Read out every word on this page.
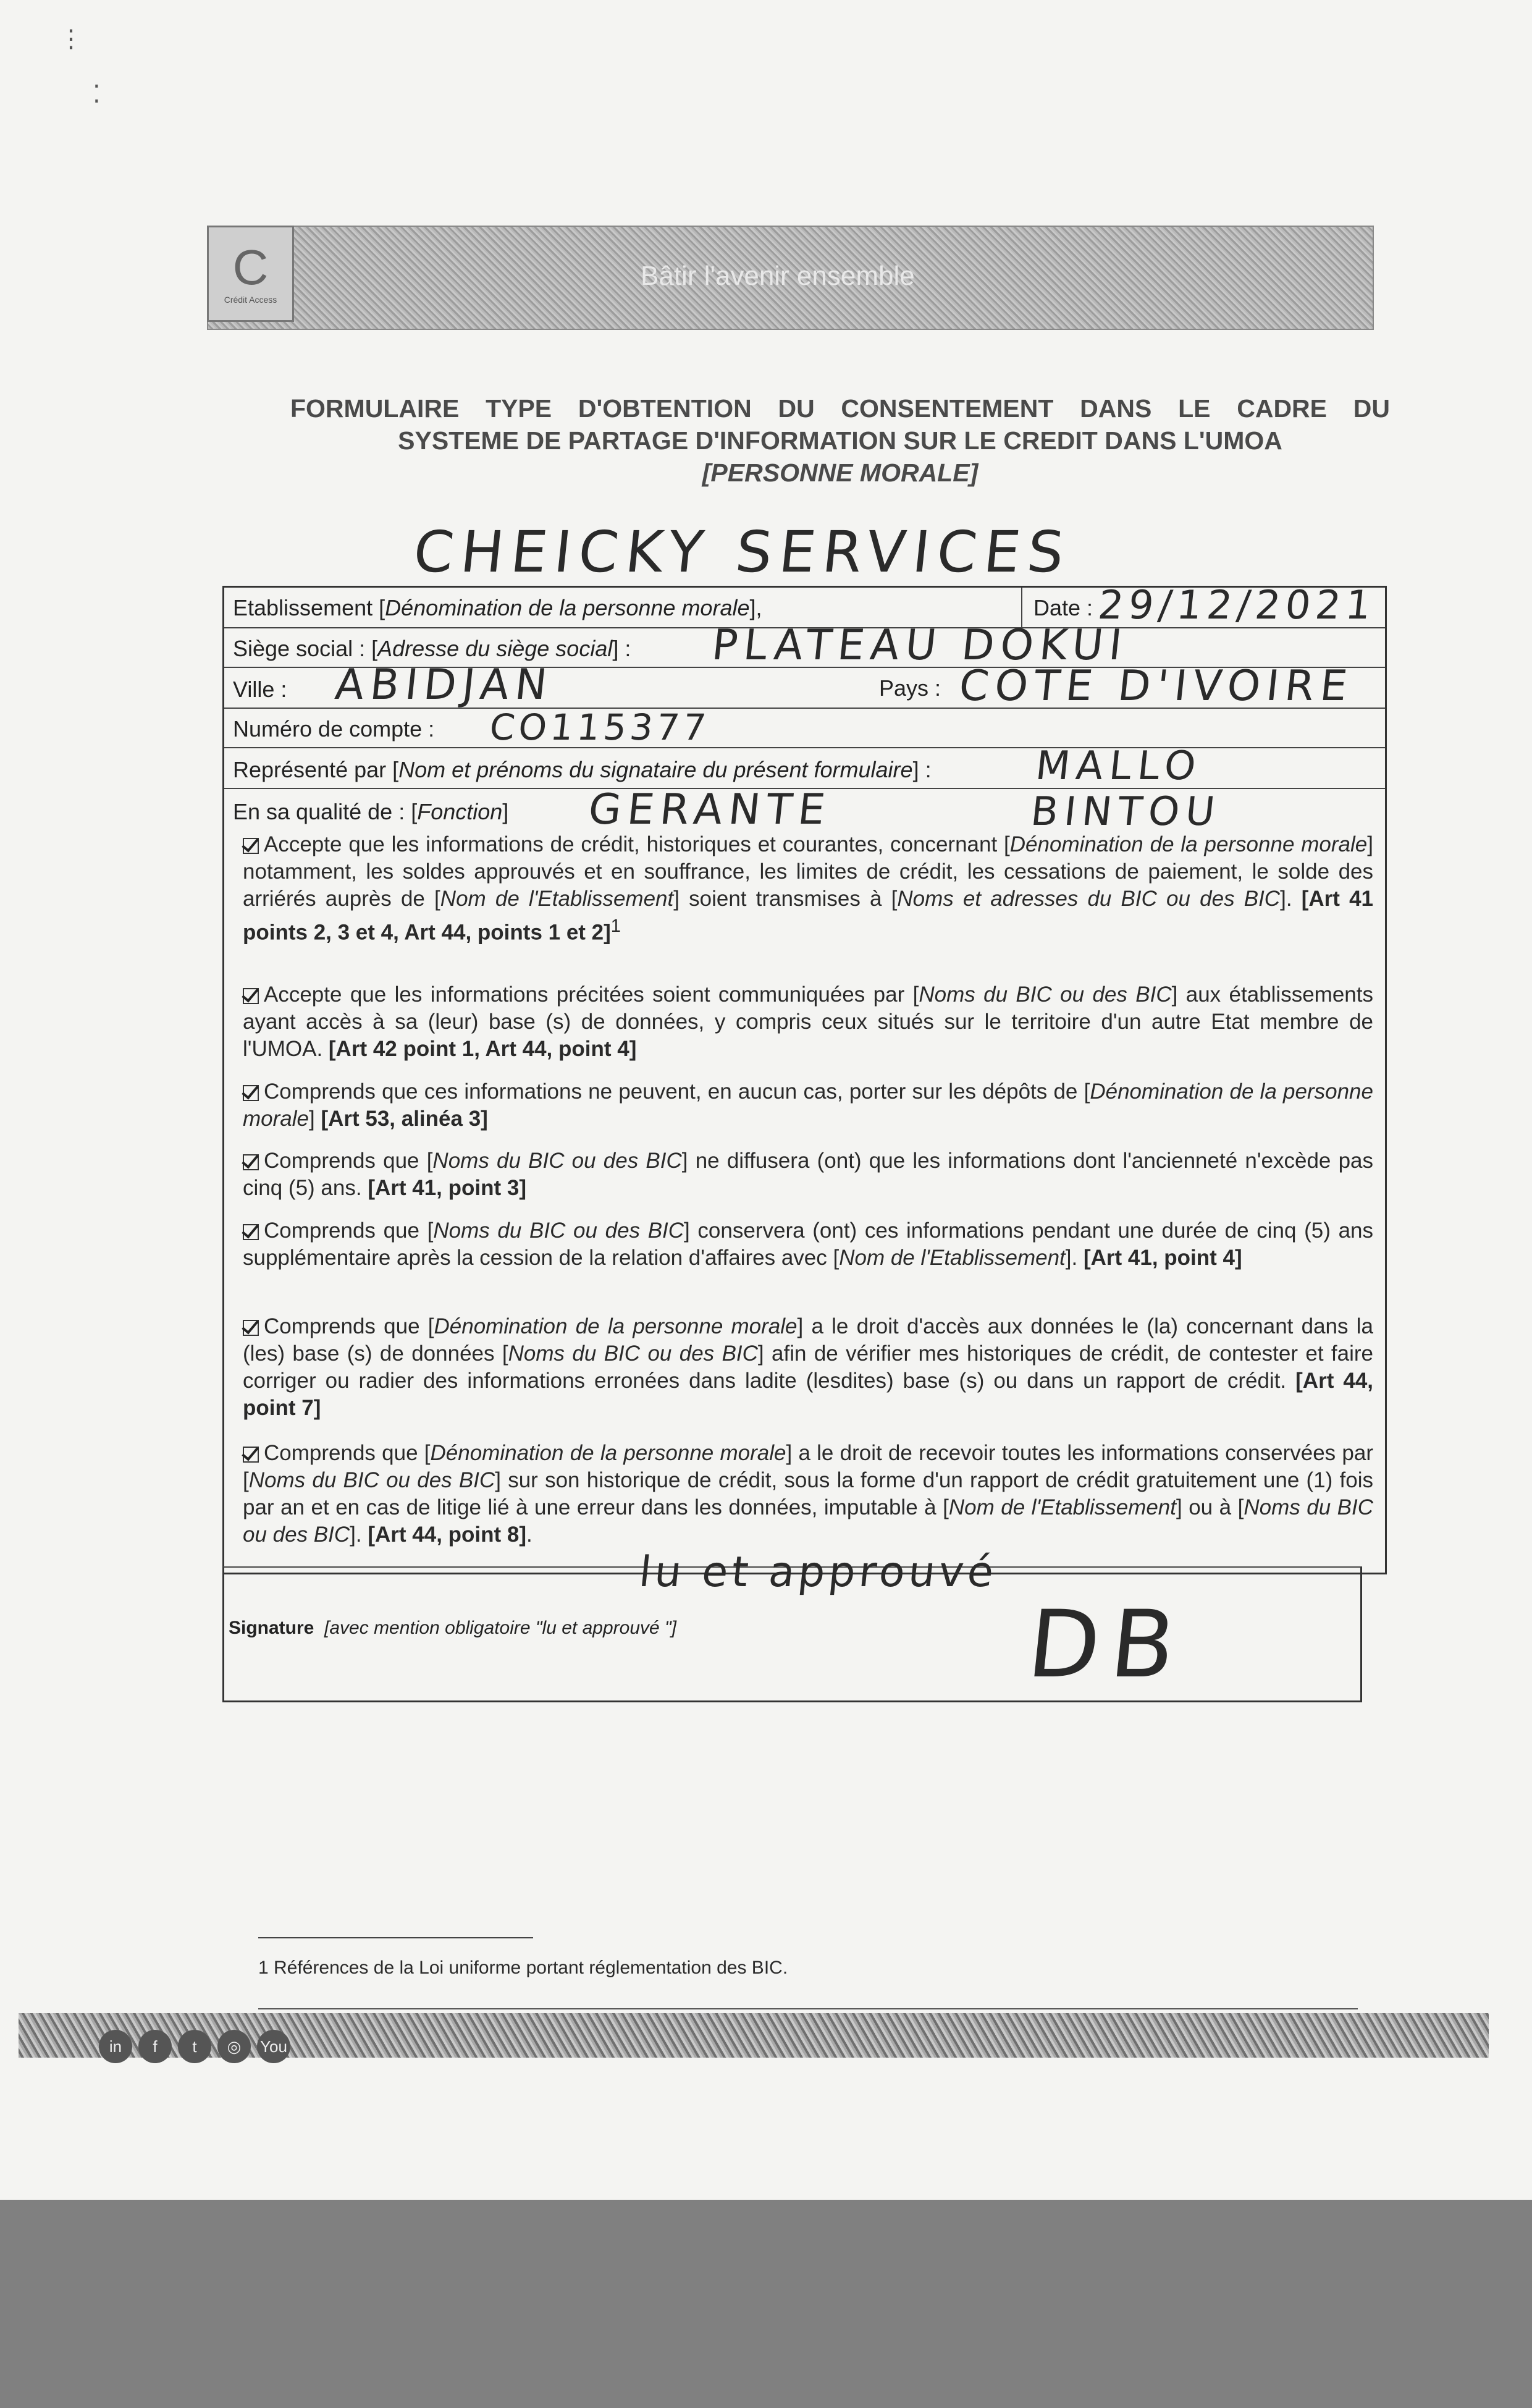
Bâtir l'avenir ensemble
C
Crédit Access
⋮
⁚
FORMULAIRE TYPE D'OBTENTION DU CONSENTEMENT DANS LE CADRE DU
SYSTEME DE PARTAGE D'INFORMATION SUR LE CREDIT DANS L'UMOA
[PERSONNE MORALE]
CHEICKY SERVICES
Etablissement [Dénomination de la personne morale],	Date : 29/12/2021
Siège social : [Adresse du siège social] : PLATEAU DOKUI
Ville : ABIDJAN	Pays : COTE D'IVOIRE
Numéro de compte : CO115377
Représenté par [Nom et prénoms du signataire du présent formulaire] :	MALLO BINTOU
En sa qualité de : [Fonction] GERANTE
Accepte que les informations de crédit, historiques et courantes, concernant [Dénomination de la personne morale] notamment, les soldes approuvés et en souffrance, les limites de crédit, les cessations de paiement, le solde des arriérés auprès de [Nom de l'Etablissement] soient transmises à [Noms et adresses du BIC ou des BIC]. [Art 41 points 2, 3 et 4, Art 44, points 1 et 2]$^1$
Accepte que les informations précitées soient communiquées par [Noms du BIC ou des BIC] aux établissements ayant accès à sa (leur) base (s) de données, y compris ceux situés sur le territoire d'un autre Etat membre de l'UMOA. [Art 42 point 1, Art 44, point 4]
Comprends que ces informations ne peuvent, en aucun cas, porter sur les dépôts de [Dénomination de la personne morale] [Art 53, alinéa 3]
Comprends que [Noms du BIC ou des BIC] ne diffusera (ont) que les informations dont l'ancienneté n'excède pas cinq (5) ans. [Art 41, point 3]
Comprends que [Noms du BIC ou des BIC] conservera (ont) ces informations pendant une durée de cinq (5) ans supplémentaire après la cession de la relation d'affaires avec [Nom de l'Etablissement]. [Art 41, point 4]
Comprends que [Dénomination de la personne morale] a le droit d'accès aux données le (la) concernant dans la (les) base (s) de données [Noms du BIC ou des BIC] afin de vérifier mes historiques de crédit, de contester et faire corriger ou radier des informations erronées dans ladite (lesdites) base (s) ou dans un rapport de crédit. [Art 44, point 7]
Comprends que [Dénomination de la personne morale] a le droit de recevoir toutes les informations conservées par [Noms du BIC ou des BIC] sur son historique de crédit, sous la forme d'un rapport de crédit gratuitement une (1) fois par an et en cas de litige lié à une erreur dans les données, imputable à [Nom de l'Etablissement] ou à [Noms du BIC ou des BIC]. [Art 44, point 8].
Signature [avec mention obligatoire "lu et approuvé "]
lu et approuvé
DB
1 Références de la Loi uniforme portant réglementation des BIC.
in	f	t	◎	You
